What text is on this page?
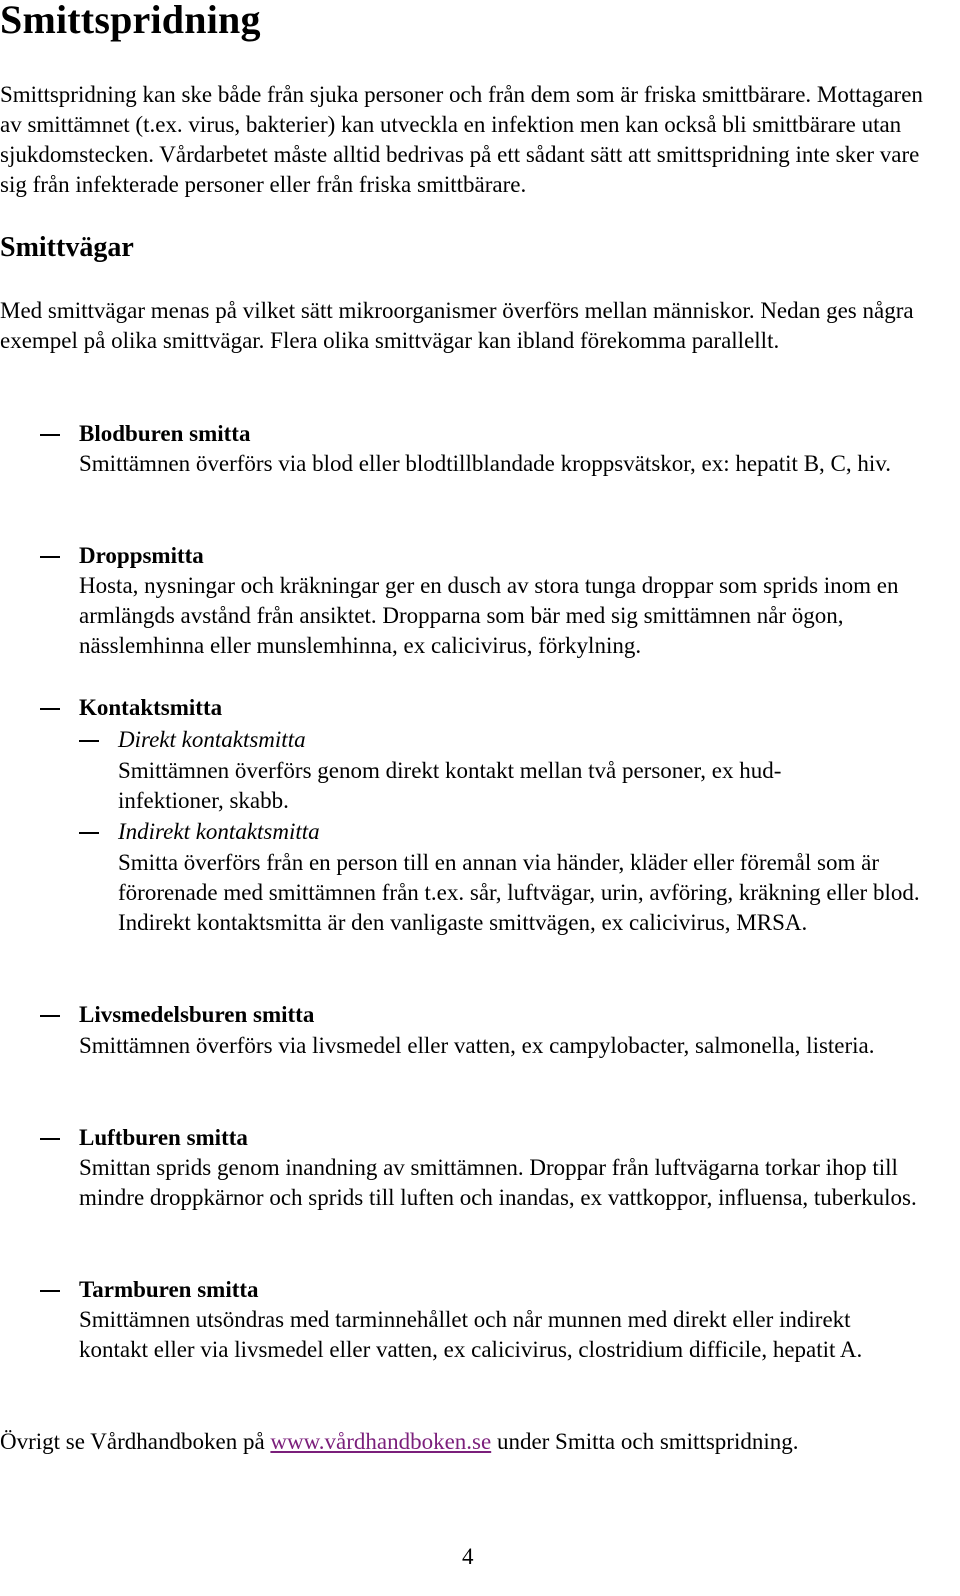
Smittspridning

Smittspridning kan ske både från sjuka personer och från dem som är friska smittbärare. Mottagaren av smittämnet (t.ex. virus, bakterier) kan utveckla en infektion men kan också bli smittbärare utan sjukdomstecken. Vårdarbetet måste alltid bedrivas på ett sådant sätt att smittspridning inte sker vare sig från infekterade personer eller från friska smittbärare.

Smittvägar

Med smittvägar menas på vilket sätt mikroorganismer överförs mellan människor. Nedan ges några exempel på olika smittvägar. Flera olika smittvägar kan ibland förekomma parallellt.

Blodburen smitta
Smittämnen överförs via blod eller blodtillblandade kroppsvätskor, ex: hepatit B, C, hiv.
Droppsmitta
Hosta, nysningar och kräkningar ger en dusch av stora tunga droppar som sprids inom en armlängds avstånd från ansiktet. Dropparna som bär med sig smittämnen når ögon, nässlemhinna eller munslemhinna, ex calicivirus, förkylning.
Kontaktsmitta
Direkt kontaktsmitta
Smittämnen överförs genom direkt kontakt mellan två personer, ex hud-infektioner, skabb.
Indirekt kontaktsmitta
Smitta överförs från en person till en annan via händer, kläder eller föremål som är förorenade med smittämnen från t.ex. sår, luftvägar, urin, avföring, kräkning eller blod. Indirekt kontaktsmitta är den vanligaste smittvägen, ex calicivirus, MRSA.
Livsmedelsburen smitta
Smittämnen överförs via livsmedel eller vatten, ex campylobacter, salmonella, listeria.
Luftburen smitta
Smittan sprids genom inandning av smittämnen. Droppar från luftvägarna torkar ihop till mindre droppkärnor och sprids till luften och inandas, ex vattkoppor, influensa, tuberkulos.
Tarmburen smitta
Smittämnen utsöndras med tarminnehållet och når munnen med direkt eller indirekt kontakt eller via livsmedel eller vatten, ex calicivirus, clostridium difficile, hepatit A.

Övrigt se Vårdhandboken på www.vårdhandboken.se under Smitta och smittspridning.

4
